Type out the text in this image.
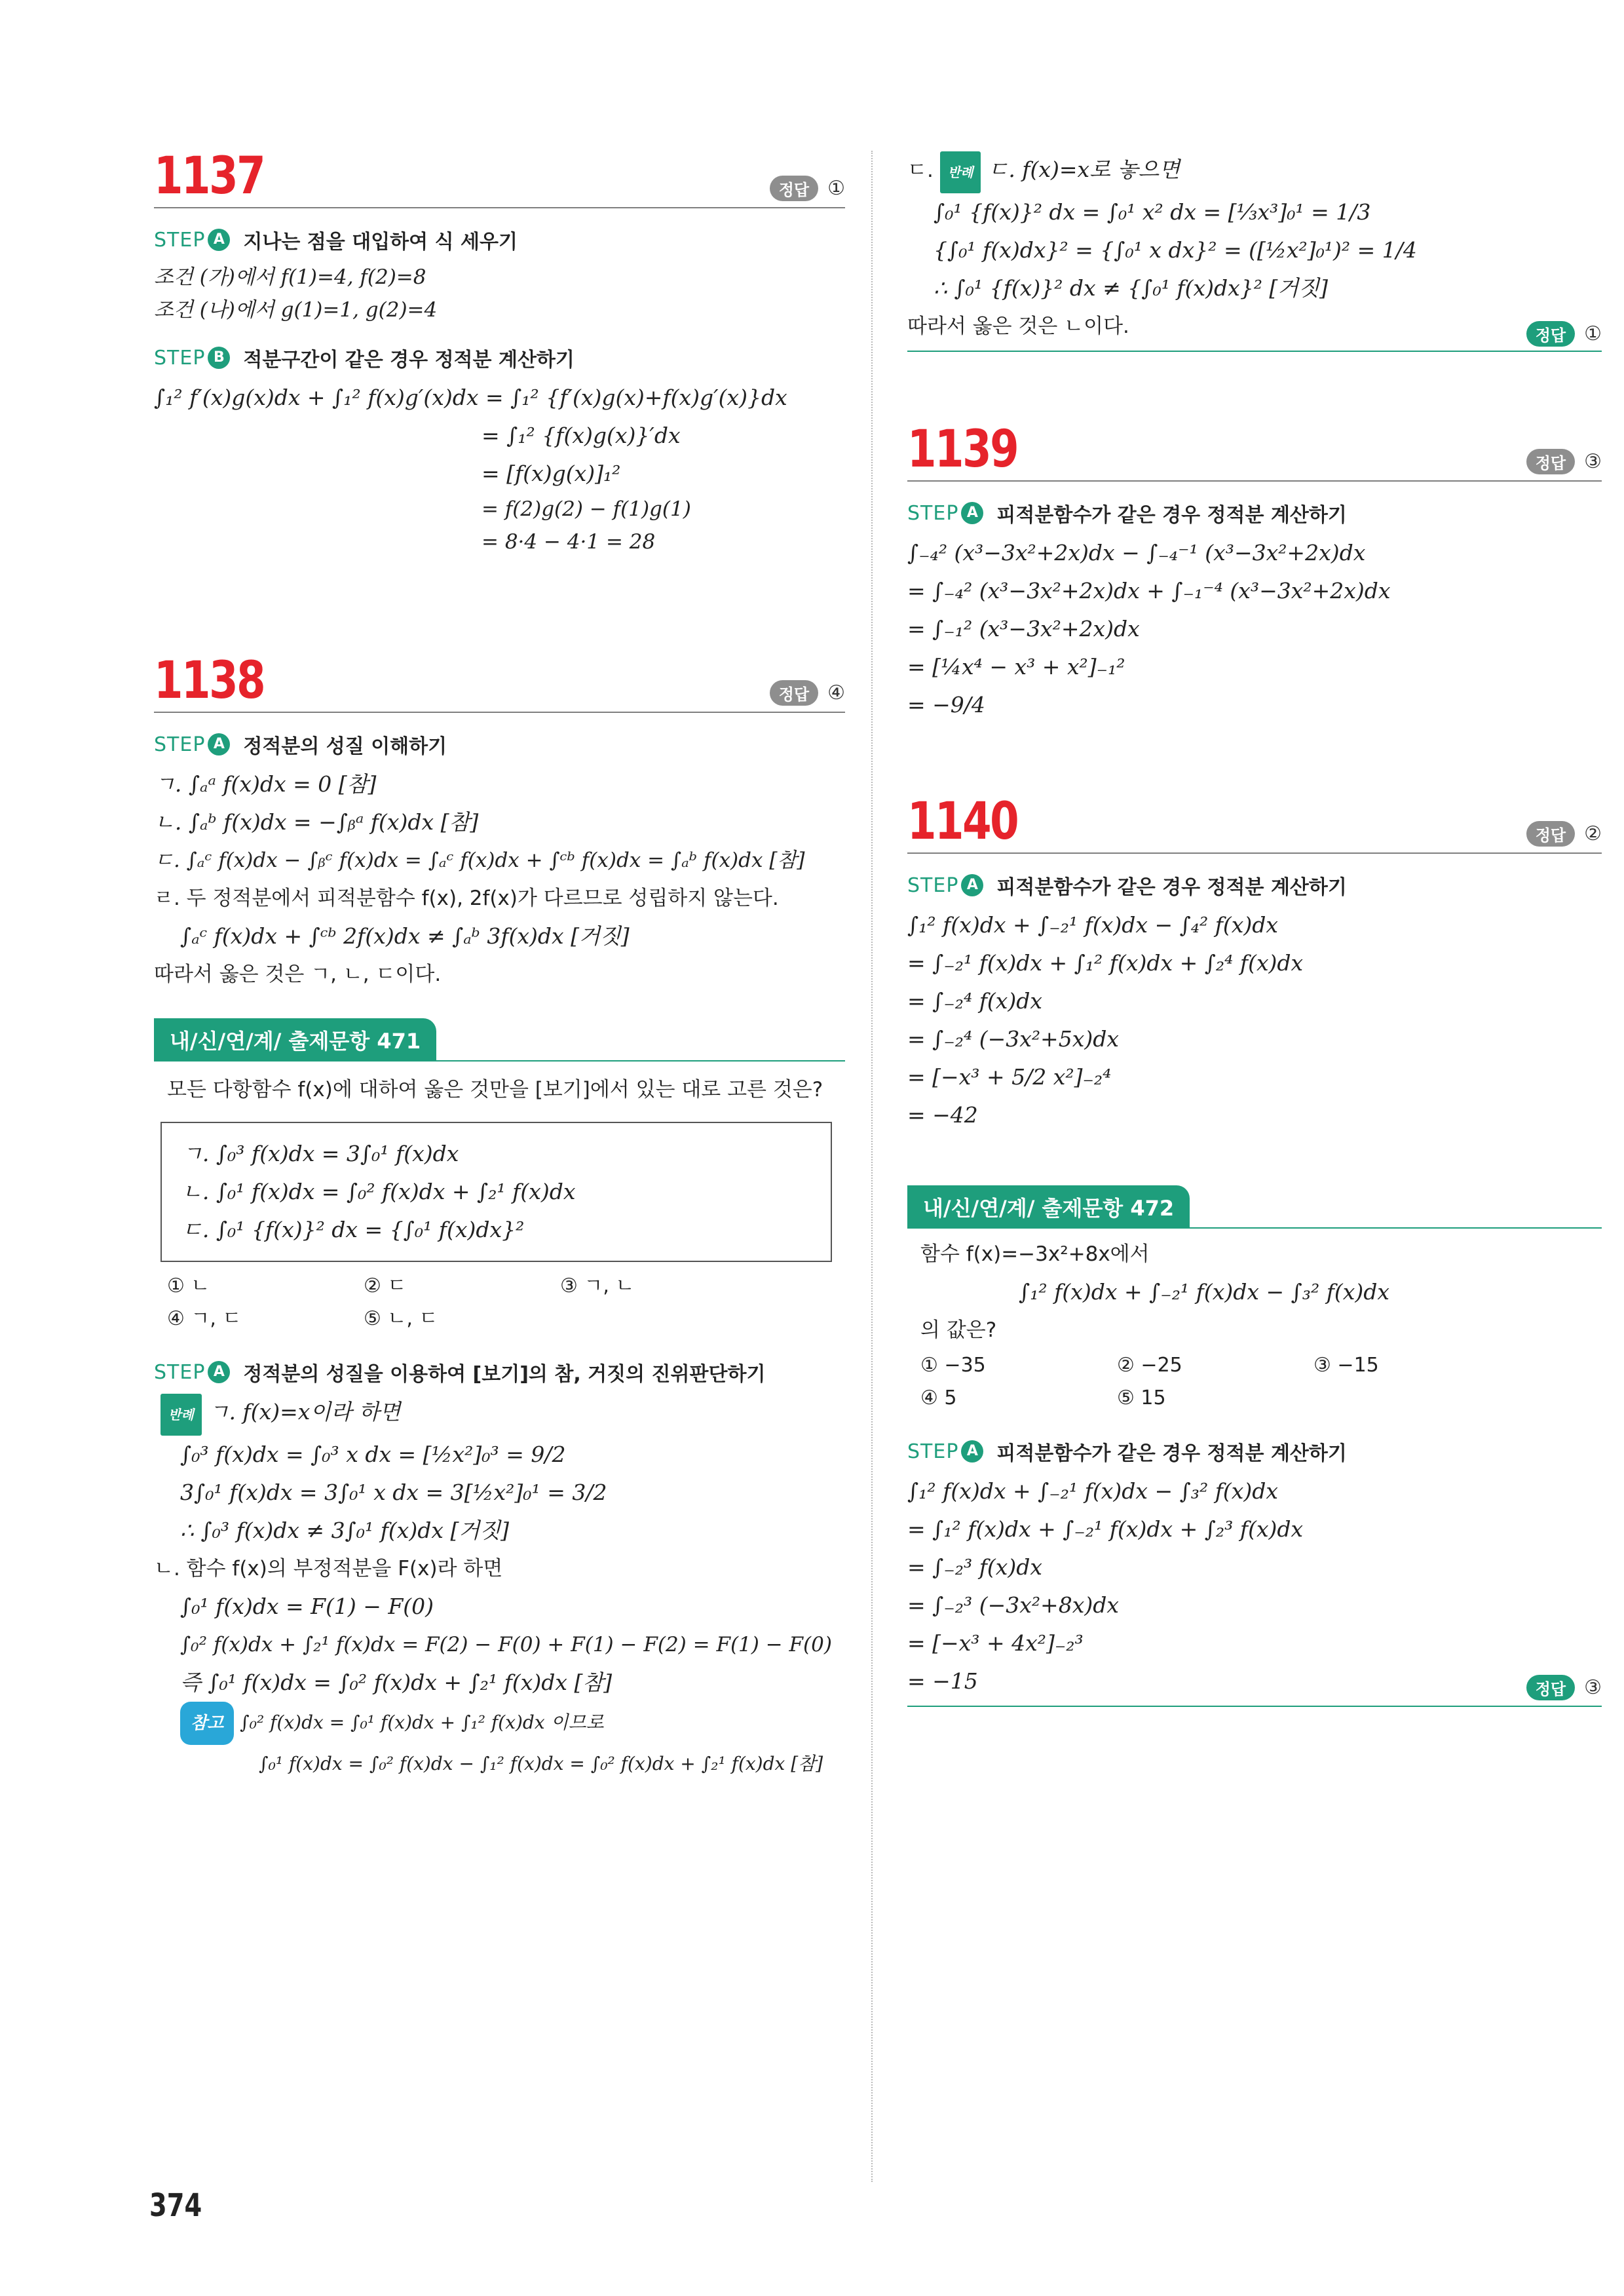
1137	정답 ①
STEP A 지나는 점을 대입하여 식 세우기
조건 (가)에서 f(1)=4, f(2)=8
조건 (나)에서 g(1)=1, g(2)=4
STEP B 적분구간이 같은 경우 정적분 계산하기
∫₁² f′(x)g(x)dx + ∫₁² f(x)g′(x)dx = ∫₁² {f′(x)g(x)+f(x)g′(x)}dx
= ∫₁² {f(x)g(x)}′dx
= [f(x)g(x)]₁²
= f(2)g(2) − f(1)g(1)
= 8·4 − 4·1 = 28
1138	정답 ④
STEP A 정적분의 성질 이해하기
ㄱ. ∫ₐᵃ f(x)dx = 0 [참]
ㄴ. ∫ₐᵇ f(x)dx = −∫ᵦᵃ f(x)dx [참]
ㄷ. ∫ₐᶜ f(x)dx − ∫ᵦᶜ f(x)dx = ∫ₐᶜ f(x)dx + ∫ᶜᵇ f(x)dx = ∫ₐᵇ f(x)dx [참]
ㄹ. 두 정적분에서 피적분함수 f(x), 2f(x)가 다르므로 성립하지 않는다.
∫ₐᶜ f(x)dx + ∫ᶜᵇ 2f(x)dx ≠ ∫ₐᵇ 3f(x)dx [거짓]
따라서 옳은 것은 ㄱ, ㄴ, ㄷ이다.
내/신/연/계/ 출제문항 471
모든 다항함수 f(x)에 대하여 옳은 것만을 [보기]에서 있는 대로 고른 것은?
ㄱ. ∫₀³ f(x)dx = 3∫₀¹ f(x)dx
ㄴ. ∫₀¹ f(x)dx = ∫₀² f(x)dx + ∫₂¹ f(x)dx
ㄷ. ∫₀¹ {f(x)}² dx = {∫₀¹ f(x)dx}²
① ㄴ	② ㄷ	③ ㄱ, ㄴ
④ ㄱ, ㄷ	⑤ ㄴ, ㄷ
STEP A 정적분의 성질을 이용하여 [보기]의 참, 거짓의 진위판단하기
반례 ㄱ. f(x)=x이라 하면
∫₀³ f(x)dx = ∫₀³ x dx = [½x²]₀³ = 9/2
3∫₀¹ f(x)dx = 3∫₀¹ x dx = 3[½x²]₀¹ = 3/2
∴ ∫₀³ f(x)dx ≠ 3∫₀¹ f(x)dx [거짓]
ㄴ. 함수 f(x)의 부정적분을 F(x)라 하면
∫₀¹ f(x)dx = F(1) − F(0)
∫₀² f(x)dx + ∫₂¹ f(x)dx = F(2) − F(0) + F(1) − F(2) = F(1) − F(0)
즉 ∫₀¹ f(x)dx = ∫₀² f(x)dx + ∫₂¹ f(x)dx [참]
참고 ∫₀² f(x)dx = ∫₀¹ f(x)dx + ∫₁² f(x)dx 이므로
∫₀¹ f(x)dx = ∫₀² f(x)dx − ∫₁² f(x)dx = ∫₀² f(x)dx + ∫₂¹ f(x)dx [참]
ㄷ. 반례 ㄷ. f(x)=x로 놓으면
∫₀¹ {f(x)}² dx = ∫₀¹ x² dx = [⅓x³]₀¹ = 1/3
{∫₀¹ f(x)dx}² = {∫₀¹ x dx}² = ([½x²]₀¹)² = 1/4
∴ ∫₀¹ {f(x)}² dx ≠ {∫₀¹ f(x)dx}² [거짓]
따라서 옳은 것은 ㄴ이다.	정답 ①
1139	정답 ③
STEP A 피적분함수가 같은 경우 정적분 계산하기
∫₋₄² (x³−3x²+2x)dx − ∫₋₄⁻¹ (x³−3x²+2x)dx
= ∫₋₄² (x³−3x²+2x)dx + ∫₋₁⁻⁴ (x³−3x²+2x)dx
= ∫₋₁² (x³−3x²+2x)dx
= [¼x⁴ − x³ + x²]₋₁²
= −9/4
1140	정답 ②
STEP A 피적분함수가 같은 경우 정적분 계산하기
∫₁² f(x)dx + ∫₋₂¹ f(x)dx − ∫₄² f(x)dx
= ∫₋₂¹ f(x)dx + ∫₁² f(x)dx + ∫₂⁴ f(x)dx
= ∫₋₂⁴ f(x)dx
= ∫₋₂⁴ (−3x²+5x)dx
= [−x³ + 5/2 x²]₋₂⁴
= −42
내/신/연/계/ 출제문항 472
함수 f(x)=−3x²+8x에서
∫₁² f(x)dx + ∫₋₂¹ f(x)dx − ∫₃² f(x)dx
의 값은?
① −35	② −25	③ −15
④ 5	⑤ 15
STEP A 피적분함수가 같은 경우 정적분 계산하기
∫₁² f(x)dx + ∫₋₂¹ f(x)dx − ∫₃² f(x)dx
= ∫₁² f(x)dx + ∫₋₂¹ f(x)dx + ∫₂³ f(x)dx
= ∫₋₂³ f(x)dx
= ∫₋₂³ (−3x²+8x)dx
= [−x³ + 4x²]₋₂³
= −15	정답 ③
374
